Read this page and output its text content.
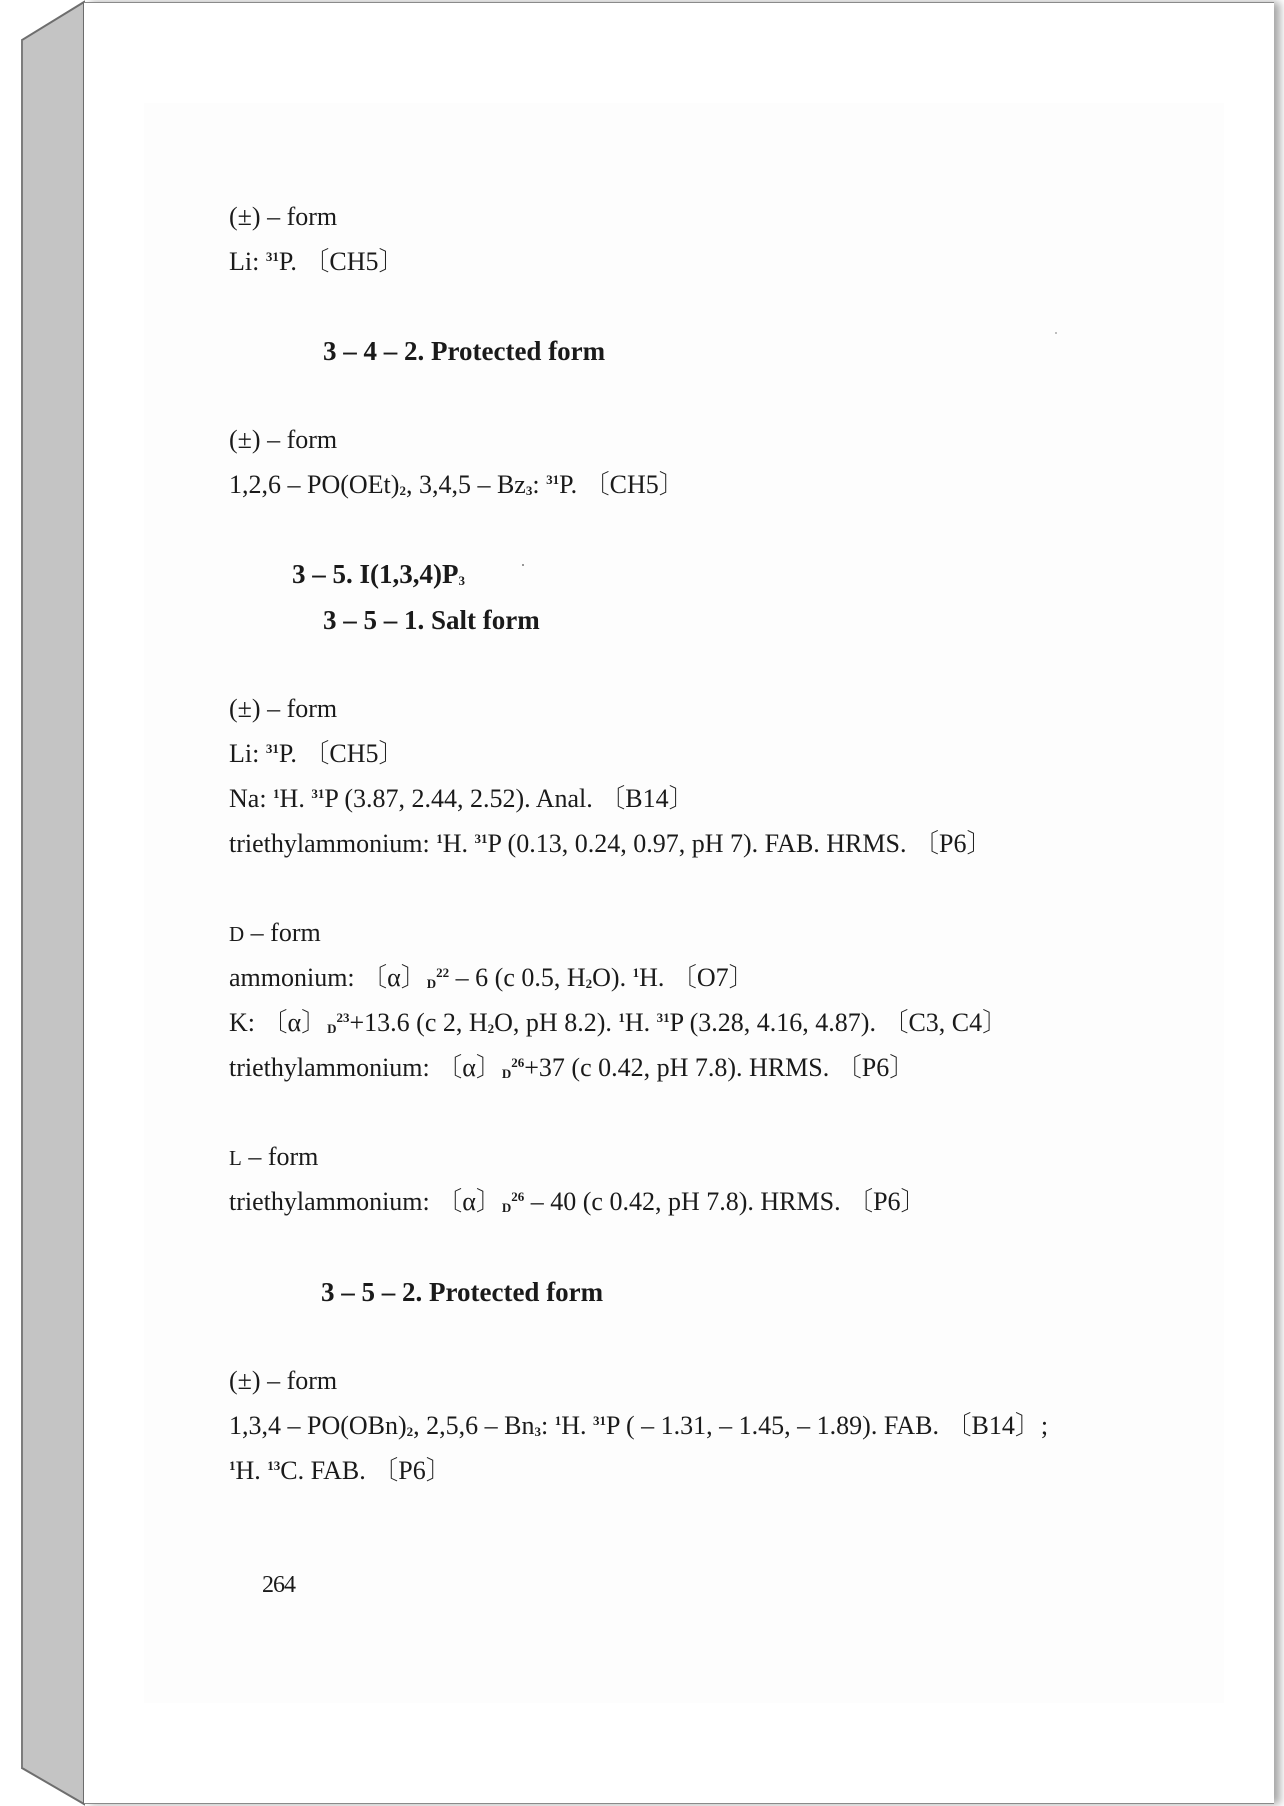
(±) – form
Li: $^{31}$P. 〔CH5〕
3 – 4 – 2. Protected form
(±) – form
$1,2,6 - PO(OEt)_2$, $3,4,5 - Bz_3$: $^{31}$P. 〔CH5〕
3 – 5. $I(1,3,4)P_3$
3 – 5 – 1. Salt form
(±) – form
Li: $^{31}$P. 〔CH5〕
Na: $^1$H. $^{31}$P (3.87, 2.44, 2.52). Anal. 〔B14〕
triethylammonium: $^1$H. $^{31}$P (0.13, 0.24, 0.97, pH 7). FAB. HRMS. 〔P6〕
D – form
ammonium: 〔α〕$D^{22} - 6$ (c 0.5, $H_2O$). $^1$H. 〔O7〕
K: 〔α〕$D^{23}+13.6$ (c 2, $H_2O$, pH 8.2). $^1$H. $^{31}$P (3.28, 4.16, 4.87). 〔C3, C4〕
triethylammonium: 〔α〕$D^{26}+37$ (c 0.42, pH 7.8). HRMS. 〔P6〕
L – form
triethylammonium: 〔α〕$D^{26} - 40$ (c 0.42, pH 7.8). HRMS. 〔P6〕
3 – 5 – 2. Protected form
(±) – form
$1,3,4 - PO(OBn)_2$, $2,5,6 - Bn_3$: $^1$H. $^{31}$P ( – 1.31, – 1.45, – 1.89). FAB. 〔B14〕;
$^1$H. $^{13}$C. FAB. 〔P6〕
264
